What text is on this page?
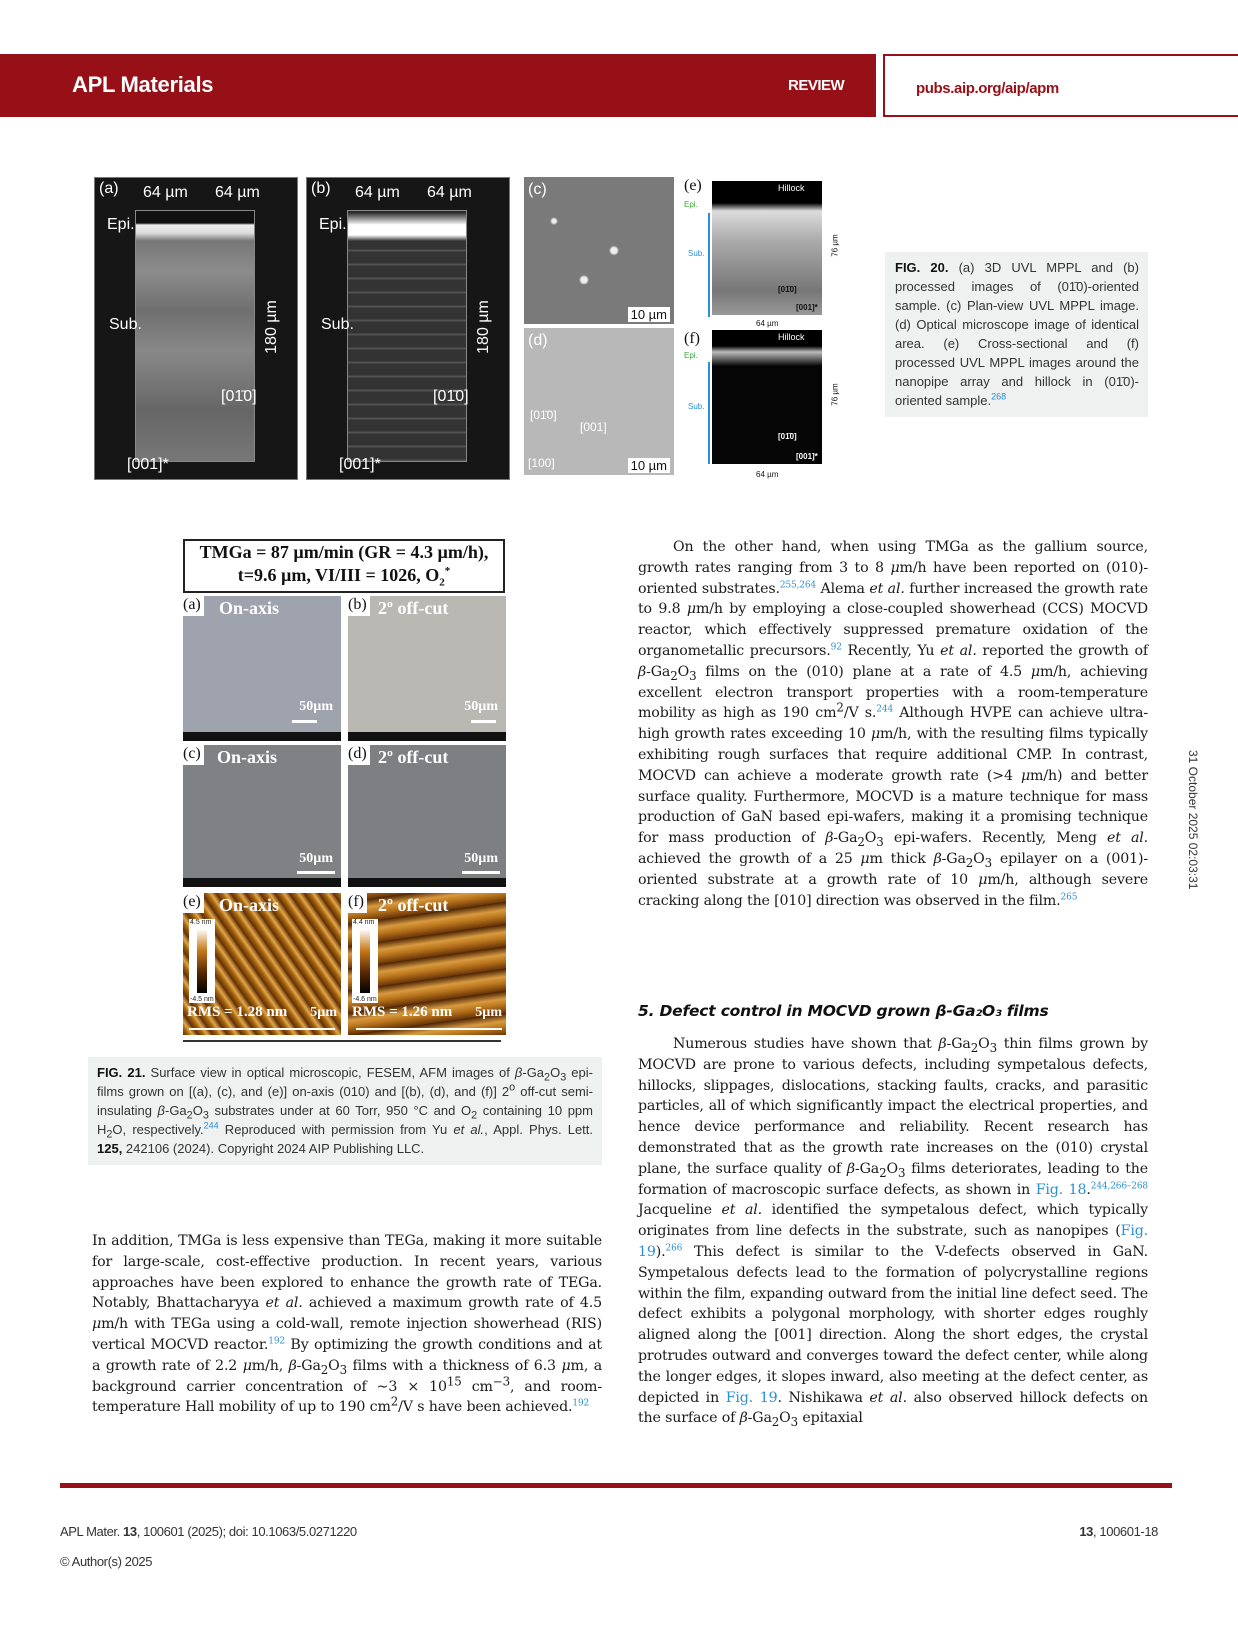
APL Materials	REVIEW	pubs.aip.org/aip/apm
(a) 64 µm 64 µm
Epi.
Sub.	180 µm
[01̄0]
[001]*
(b) 64 µm 64 µm
Epi.
Sub.	180 µm
[01̄0]
[001]*
(c)
10 µm
(d)
[01̄0]
[001]
[100]	10 µm
(e)	Hillock
Epi.
Sub.	76 µm
64 µm
[01̄0]
[001]*
(f)	Hillock
Epi.
Sub.
76 µm
64 µm
[01̄0]
[001]*
FIG. 20. (a) 3D UVL MPPL and (b) processed images of (01̄0)-oriented sample. (c) Plan-view UVL MPPL image. (d) Optical microscope image of identical area. (e) Cross-sectional and (f) processed UVL MPPL images around the nanopipe array and hillock in (01̄0)-oriented sample.$^{268}$
TMGa = 87 µm/min (GR = 4.3 µm/h),
t=9.6 µm, VI/III = 1026, $O_2^*$
(a) On-axis
50µm
(b) 2º off-cut
50µm
(c) On-axis
50µm
(d) 2º off-cut
50µm
(e) On-axis
4.5 nm
-4.5 nm
RMS = 1.28 nm 5µm
(f) 2º off-cut
4.4 nm
-4.6 nm
RMS = 1.26 nm 5µm
FIG. 21. Surface view in optical microscopic, FESEM, AFM images of $\beta-Ga_2O_3$ epi-films grown on [(a), (c), and (e)] on-axis (010) and [(b), (d), and (f)] 2$^o$ off-cut semi-insulating $\beta-Ga_2O_3$ substrates under at 60 Torr, 950 °C and $O_2$ containing 10 ppm $H_2O$, respectively.$^{244}$ Reproduced with permission from Yu et al., Appl. Phys. Lett. 125, 242106 (2024). Copyright 2024 AIP Publishing LLC.

In addition, TMGa is less expensive than TEGa, making it more suitable for large-scale, cost-effective production. In recent years, various approaches have been explored to enhance the growth rate of TEGa. Notably, Bhattacharyya et al. achieved a maximum growth rate of 4.5 μm/h with TEGa using a cold-wall, remote injection showerhead (RIS) vertical MOCVD reactor.$^{192}$ By optimizing the growth conditions and at a growth rate of 2.2 μm/h, $\beta-Ga_2O_3$ films with a thickness of 6.3 μm, a background carrier concentration of ∼3 × $10^{15}$ $cm^{-3}$, and room-temperature Hall mobility of up to 190 $cm^2/V$ s have been achieved.$^{192}$

On the other hand, when using TMGa as the gallium source, growth rates ranging from 3 to 8 μm/h have been reported on (010)-oriented substrates.$^{255,264}$ Alema et al. further increased the growth rate to 9.8 μm/h by employing a close-coupled showerhead (CCS) MOCVD reactor, which effectively suppressed premature oxidation of the organometallic precursors.$^{92}$ Recently, Yu et al. reported the growth of $\beta-Ga_2O_3$ films on the (010) plane at a rate of 4.5 μm/h, achieving excellent electron transport properties with a room-temperature mobility as high as 190 $cm^2/V$ s.$^{244}$ Although HVPE can achieve ultra-high growth rates exceeding 10 μm/h, with the resulting films typically exhibiting rough surfaces that require additional CMP. In contrast, MOCVD can achieve a moderate growth rate (>4 μm/h) and better surface quality. Furthermore, MOCVD is a mature technique for mass production of GaN based epi-wafers, making it a promising technique for mass production of $\beta-Ga_2O_3$ epi-wafers. Recently, Meng et al. achieved the growth of a 25 μm thick $\beta-Ga_2O_3$ epilayer on a (001)-oriented substrate at a growth rate of 10 μm/h, although severe cracking along the [010] direction was observed in the film.$^{265}$

5. Defect control in MOCVD grown β-Ga₂O₃ films

Numerous studies have shown that $\beta-Ga_2O_3$ thin films grown by MOCVD are prone to various defects, including sympetalous defects, hillocks, slippages, dislocations, stacking faults, cracks, and parasitic particles, all of which significantly impact the electrical properties, and hence device performance and reliability. Recent research has demonstrated that as the growth rate increases on the (010) crystal plane, the surface quality of $\beta-Ga_2O_3$ films deteriorates, leading to the formation of macroscopic surface defects, as shown in Fig. 18.$^{244,266-268}$ Jacqueline et al. identified the sympetalous defect, which typically originates from line defects in the substrate, such as nanopipes (Fig. 19).$^{266}$ This defect is similar to the V-defects observed in GaN. Sympetalous defects lead to the formation of polycrystalline regions within the film, expanding outward from the initial line defect seed. The defect exhibits a polygonal morphology, with shorter edges roughly aligned along the [001] direction. Along the short edges, the crystal protrudes outward and converges toward the defect center, while along the longer edges, it slopes inward, also meeting at the defect center, as depicted in Fig. 19. Nishikawa et al. also observed hillock defects on the surface of $\beta-Ga_2O_3$ epitaxial

31 October 2025 02:03:31
APL Mater. 13, 100601 (2025); doi: 10.1063/5.0271220
© Author(s) 2025
13, 100601-18
